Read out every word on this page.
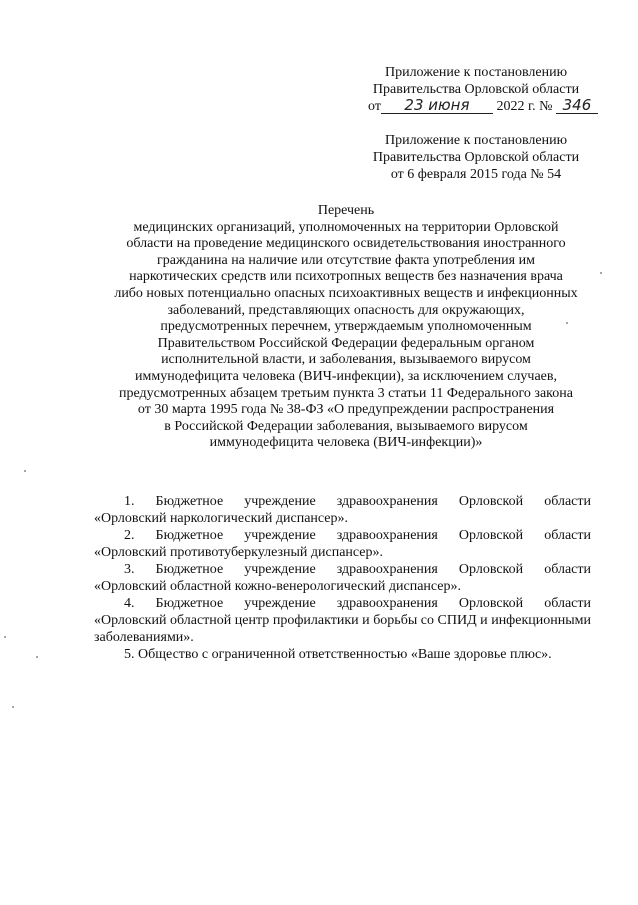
Приложение к постановлению
Правительства Орловской области
от 23 июня 2022 г. № 346
Приложение к постановлению
Правительства Орловской области
от 6 февраля 2015 года № 54
Перечень
медицинских организаций, уполномоченных на территории Орловской
области на проведение медицинского освидетельствования иностранного
гражданина на наличие или отсутствие факта употребления им
наркотических средств или психотропных веществ без назначения врача
либо новых потенциально опасных психоактивных веществ и инфекционных
заболеваний, представляющих опасность для окружающих,
предусмотренных перечнем, утверждаемым уполномоченным
Правительством Российской Федерации федеральным органом
исполнительной власти, и заболевания, вызываемого вирусом
иммунодефицита человека (ВИЧ-инфекции), за исключением случаев,
предусмотренных абзацем третьим пункта 3 статьи 11 Федерального закона
от 30 марта 1995 года № 38-ФЗ «О предупреждении распространения
в Российской Федерации заболевания, вызываемого вирусом
иммунодефицита человека (ВИЧ-инфекции)»
1. Бюджетное учреждение здравоохранения Орловской области
«Орловский наркологический диспансер».
2. Бюджетное учреждение здравоохранения Орловской области
«Орловский противотуберкулезный диспансер».
3. Бюджетное учреждение здравоохранения Орловской области
«Орловский областной кожно-венерологический диспансер».
4. Бюджетное учреждение здравоохранения Орловской области
«Орловский областной центр профилактики и борьбы со СПИД и инфекционными заболеваниями».
5. Общество с ограниченной ответственностью «Ваше здоровье плюс».
